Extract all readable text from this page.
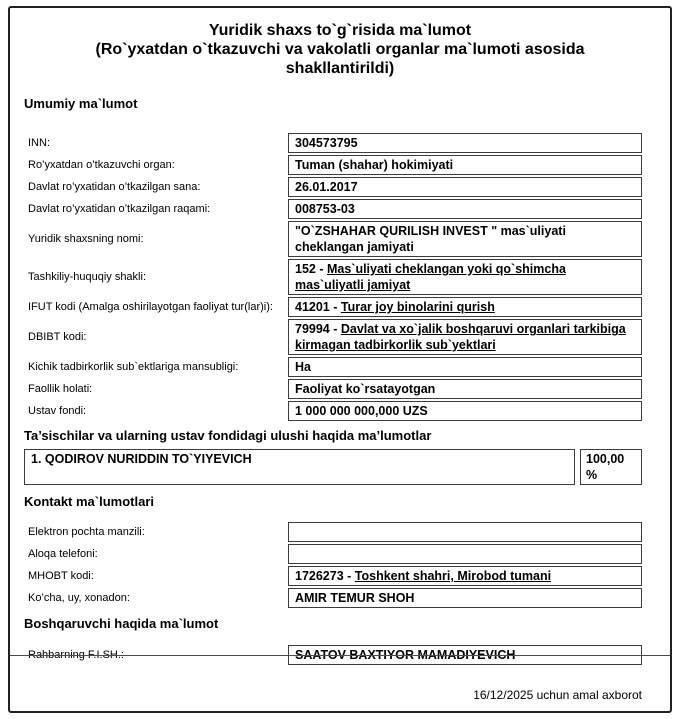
Yuridik shaxs to`g`risida ma`lumot
(Ro`yxatdan o`tkazuvchi va vakolatli organlar ma`lumoti asosida
shakllantirildi)
Umumiy ma`lumot
INN:	304573795
Ro’yxatdan o’tkazuvchi organ:	Tuman (shahar) hokimiyati
Davlat ro’yxatidan o’tkazilgan sana:	26.01.2017
Davlat ro’yxatidan o’tkazilgan raqami:	008753-03
Yuridik shaxsning nomi:
"O`ZSHAHAR QURILISH INVEST " mas`uliyati cheklangan jamiyati
Tashkiliy-huquqiy shakli:
152 - Mas`uliyati cheklangan yoki qo`shimcha mas`uliyatli jamiyat
IFUT kodi (Amalga oshirilayotgan faoliyat tur(lar)i):	41201 - Turar joy binolarini qurish
DBIBT kodi:
79994 - Davlat va xo`jalik boshqaruvi organlari tarkibiga kirmagan tadbirkorlik sub`yektlari
Kichik tadbirkorlik sub`ektlariga mansubligi:	Ha
Faollik holati:	Faoliyat ko`rsatayotgan
Ustav fondi:	1 000 000 000,000 UZS
Ta’sischilar va ularning ustav fondidagi ulushi haqida ma’lumotlar
1. QODIROV NURIDDIN TO`YIYEVICH	100,00 %
Kontakt ma`lumotlari
Elektron pochta manzili:
Aloqa telefoni:
MHOBT kodi:	1726273 - Toshkent shahri, Mirobod tumani
Ko’cha, uy, xonadon:	AMIR TEMUR SHOH
Boshqaruvchi haqida ma`lumot
Rahbarning F.I.SH.:	SAATOV BAXTIYOR MAMADIYEVICH
16/12/2025 uchun amal axborot
